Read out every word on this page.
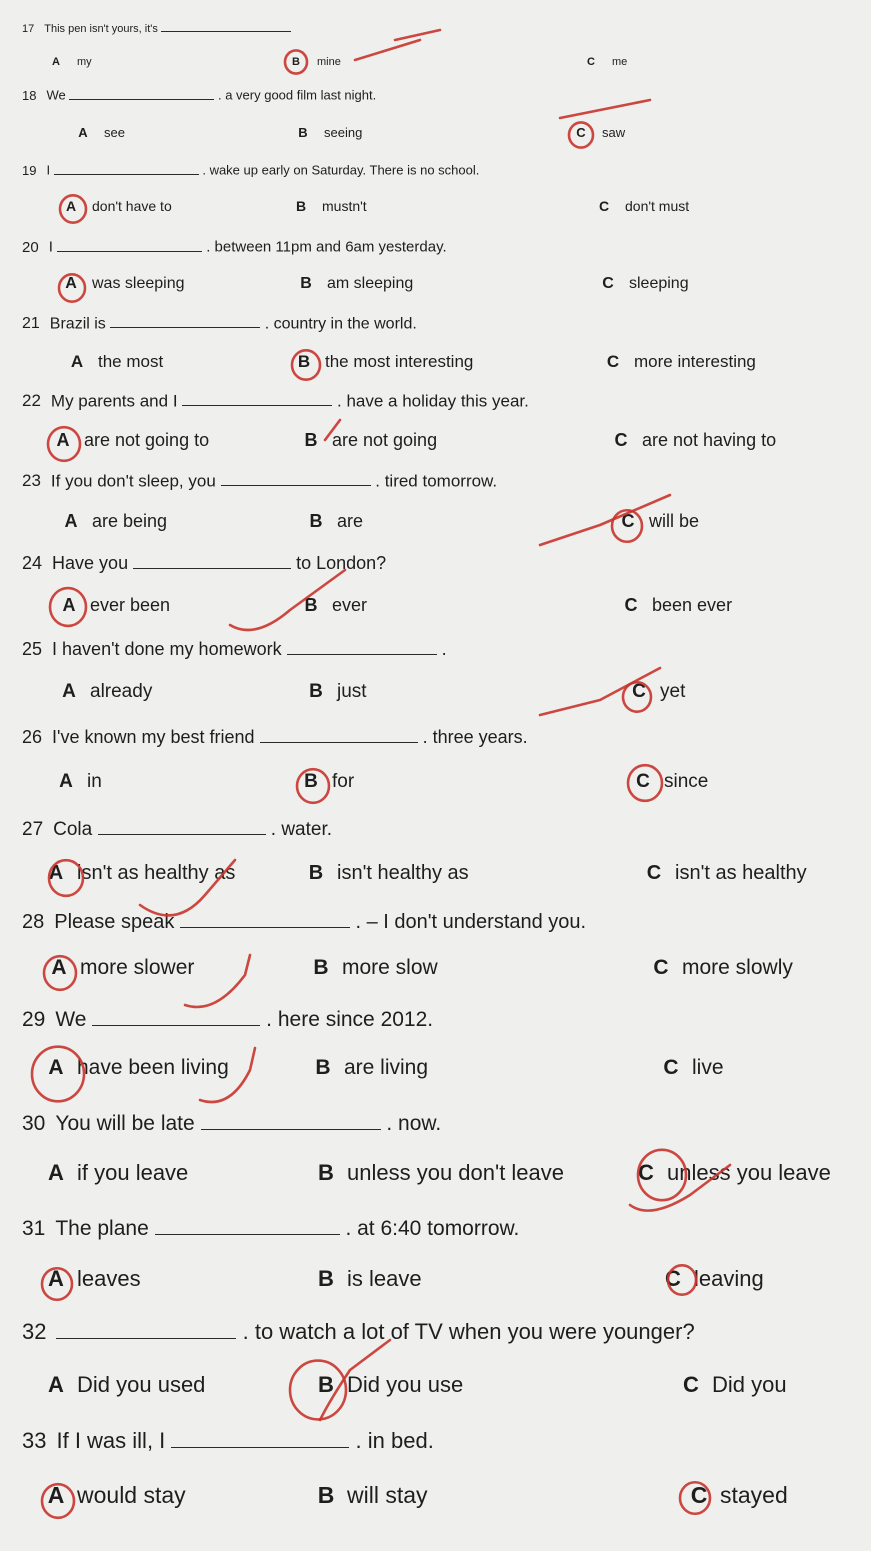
17 This pen isn't yours, it's
A my	B mine	C me
18 We	. a very good film last night.
A see	B seeing	C saw
19 I	. wake up early on Saturday. There is no school.
A don't have to	B mustn't	C don't must
20 I	. between 11pm and 6am yesterday.
A was sleeping	B am sleeping	C sleeping
21 Brazil is	. country in the world.
A the most	B the most interesting	C more interesting
22 My parents and I	. have a holiday this year.
A are not going to	B are not going	C are not having to
23 If you don't sleep, you	. tired tomorrow.
A are being	B are	C will be
24 Have you	to London?
A ever been	B ever	C been ever
25 I haven't done my homework	.
A already	B just	C yet
26 I've known my best friend	. three years.
A in	B for	C since
27 Cola	. water.
A isn't as healthy as	B isn't healthy as	C isn't as healthy
28 Please speak	. – I don't understand you.
A more slower	B more slow	C more slowly
29 We	. here since 2012.
A have been living	B are living	C live
30 You will be late	. now.
A if you leave	B unless you don't leave	C unless you leave
31 The plane	. at 6:40 tomorrow.
A leaves	B is leave	C leaving
32	. to watch a lot of TV when you were younger?
A Did you used	B Did you use	C Did you
33 If I was ill, I	. in bed.
A would stay	B will stay	C stayed
